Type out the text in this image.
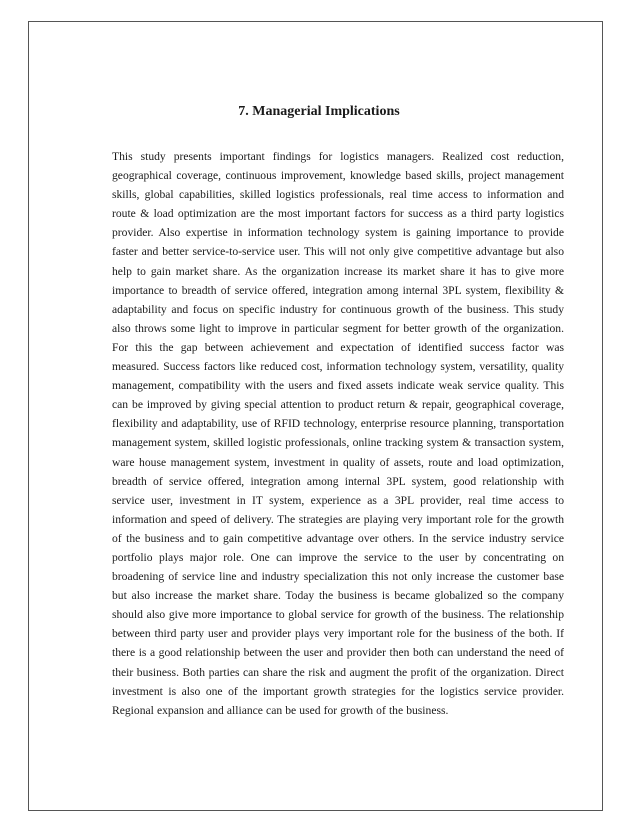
7. Managerial Implications

This study presents important findings for logistics managers. Realized cost reduction, geographical coverage, continuous improvement, knowledge based skills, project management skills, global capabilities, skilled logistics professionals, real time access to information and route & load optimization are the most important factors for success as a third party logistics provider. Also expertise in information technology system is gaining importance to provide faster and better service-to-service user. This will not only give competitive advantage but also help to gain market share. As the organization increase its market share it has to give more importance to breadth of service offered, integration among internal 3PL system, flexibility & adaptability and focus on specific industry for continuous growth of the business. This study also throws some light to improve in particular segment for better growth of the organization. For this the gap between achievement and expectation of identified success factor was measured. Success factors like reduced cost, information technology system, versatility, quality management, compatibility with the users and fixed assets indicate weak service quality. This can be improved by giving special attention to product return & repair, geographical coverage, flexibility and adaptability, use of RFID technology, enterprise resource planning, transportation management system, skilled logistic professionals, online tracking system & transaction system, ware house management system, investment in quality of assets, route and load optimization, breadth of service offered, integration among internal 3PL system, good relationship with service user, investment in IT system, experience as a 3PL provider, real time access to information and speed of delivery. The strategies are playing very important role for the growth of the business and to gain competitive advantage over others. In the service industry service portfolio plays major role. One can improve the service to the user by concentrating on broadening of service line and industry specialization this not only increase the customer base but also increase the market share. Today the business is became globalized so the company should also give more importance to global service for growth of the business. The relationship between third party user and provider plays very important role for the business of the both. If there is a good relationship between the user and provider then both can understand the need of their business. Both parties can share the risk and augment the profit of the organization. Direct investment is also one of the important growth strategies for the logistics service provider. Regional expansion and alliance can be used for growth of the business.
